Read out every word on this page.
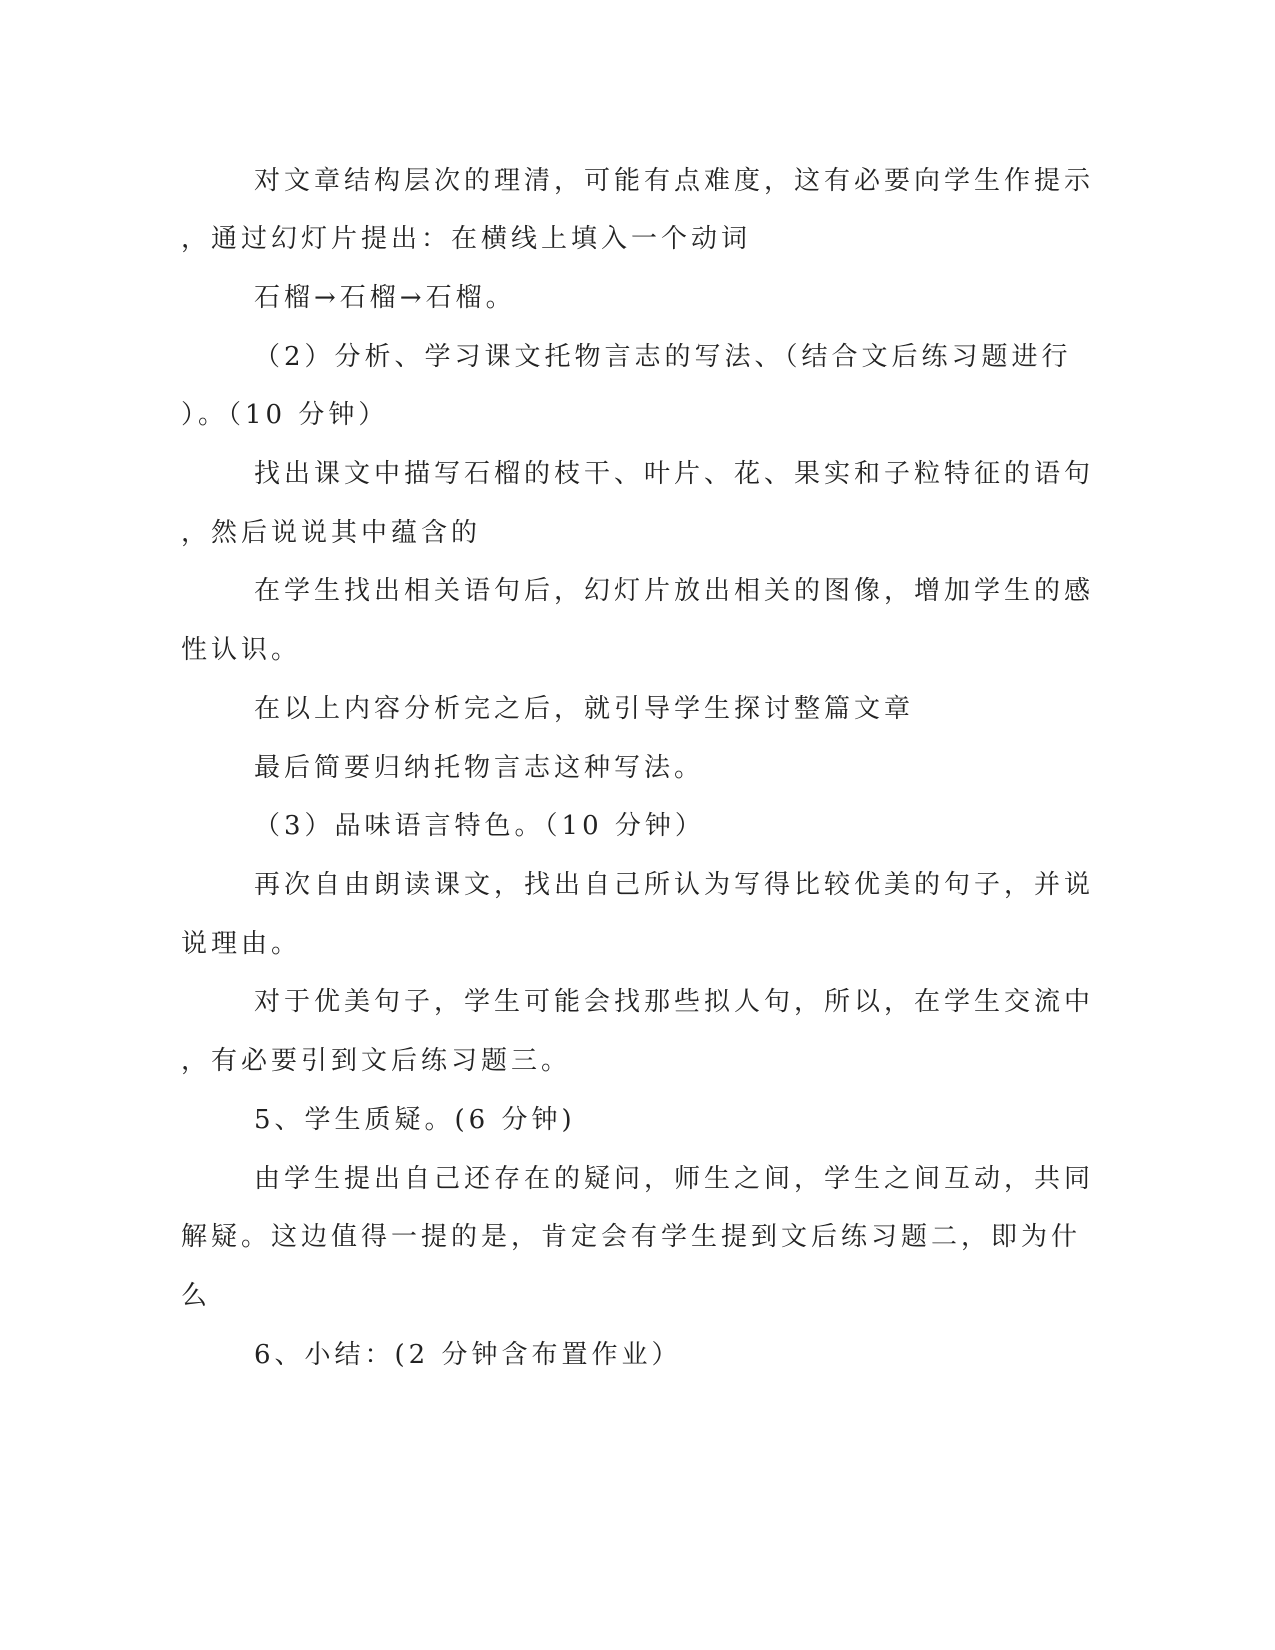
对文章结构层次的理清，可能有点难度，这有必要向学生作提示
，通过幻灯片提出：在横线上填入一个动词
石榴→石榴→石榴。
（2）分析、学习课文托物言志的写法、（结合文后练习题进行
）。（10 分钟）
找出课文中描写石榴的枝干、叶片、花、果实和子粒特征的语句
，然后说说其中蕴含的
在学生找出相关语句后，幻灯片放出相关的图像，增加学生的感
性认识。
在以上内容分析完之后，就引导学生探讨整篇文章
最后简要归纳托物言志这种写法。
（3）品味语言特色。（10 分钟）
再次自由朗读课文，找出自己所认为写得比较优美的句子，并说
说理由。
对于优美句子，学生可能会找那些拟人句，所以，在学生交流中
，有必要引到文后练习题三。
5、学生质疑。(6 分钟)
由学生提出自己还存在的疑问，师生之间，学生之间互动，共同
解疑。这边值得一提的是，肯定会有学生提到文后练习题二，即为什
么
6、小结：(2 分钟含布置作业）
